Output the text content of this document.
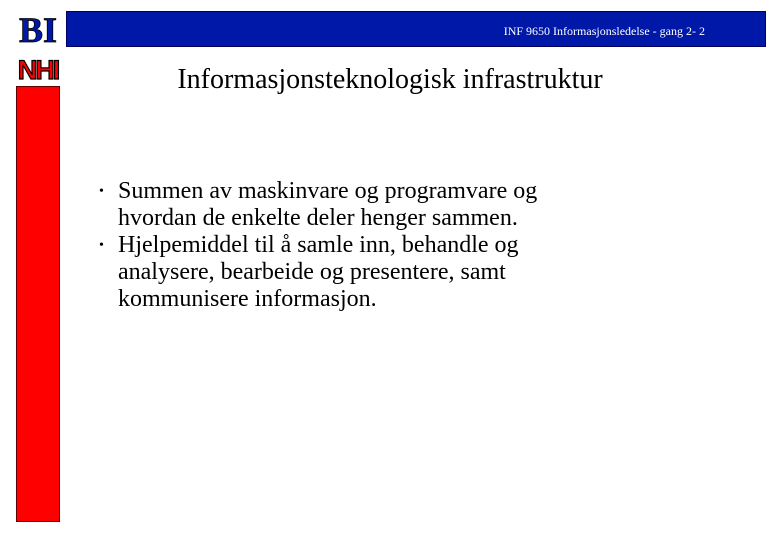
BI
NHI
INF 9650 Informasjonsledelse - gang 2- 2
Informasjonsteknologisk infrastruktur
• Summen av maskinvare og programvare og
hvordan de enkelte deler henger sammen.
• Hjelpemiddel til å samle inn, behandle og
analysere, bearbeide og presentere, samt
kommunisere informasjon.
